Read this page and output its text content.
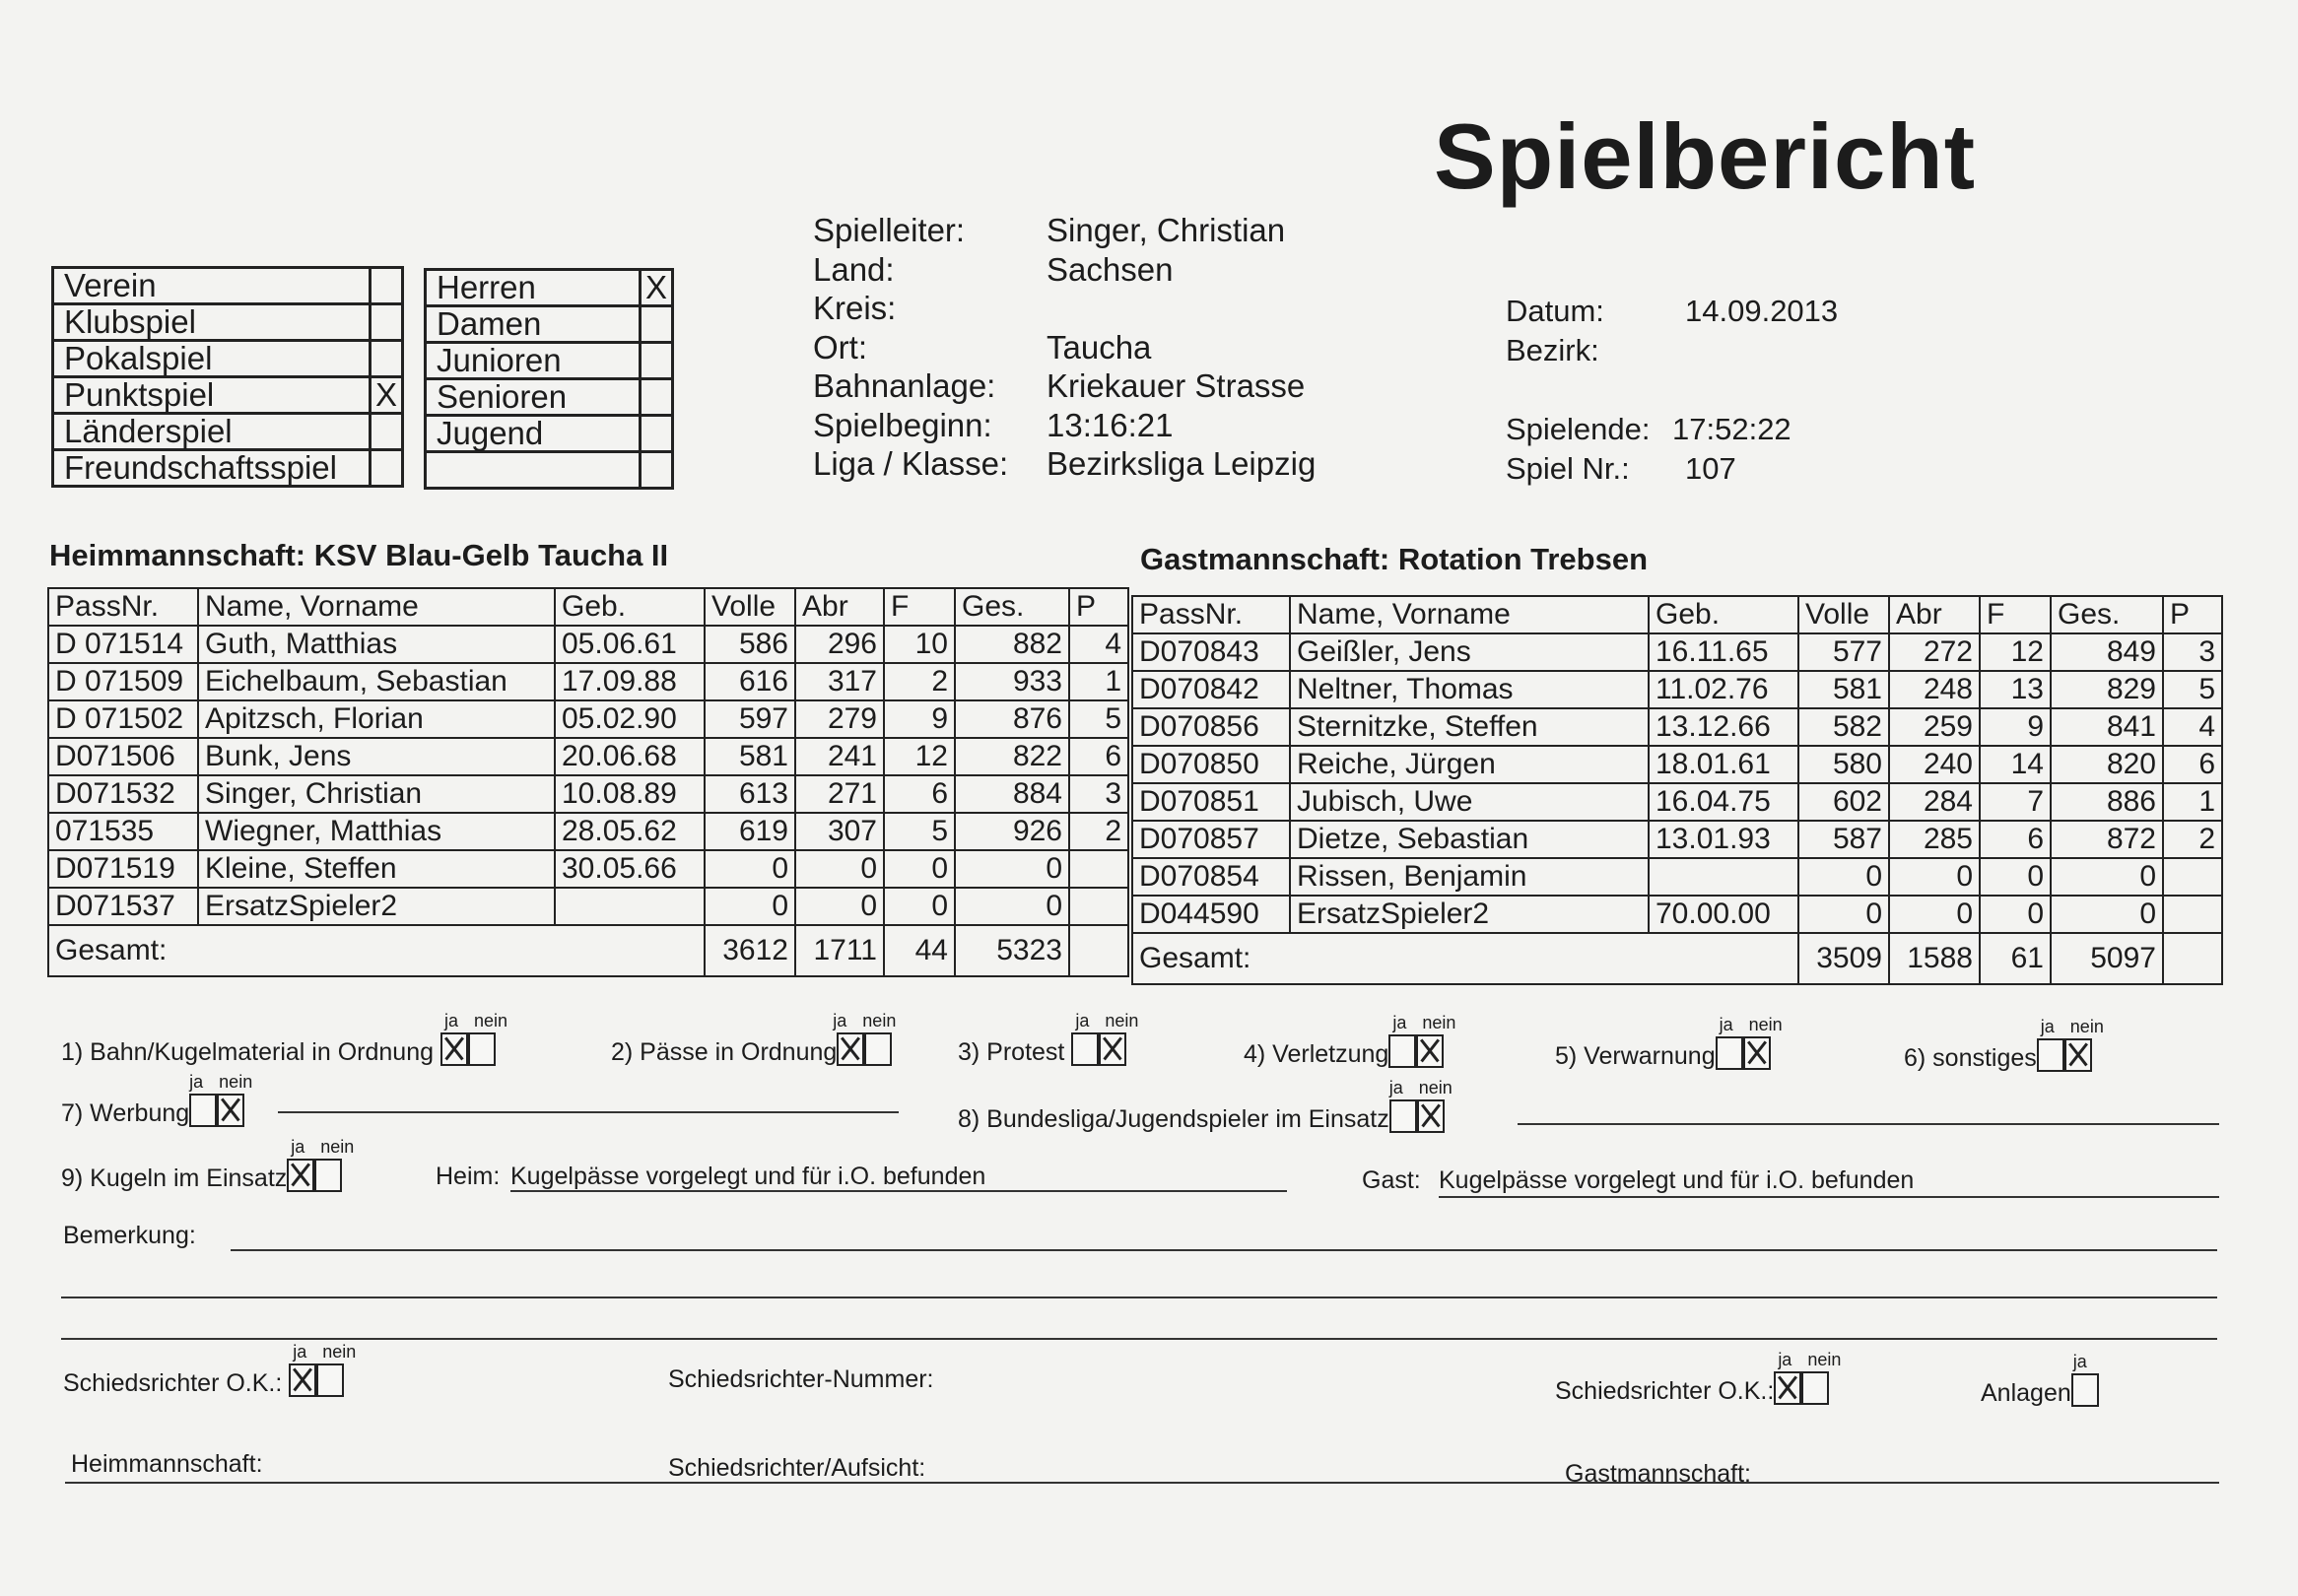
Spielbericht
Spielleiter:	Singer, Christian
Land:	Sachsen
Kreis:
Ort:	Taucha
Bahnanlage: Kriekauer Strasse
Spielbeginn: 13:16:21
Liga / Klasse: Bezirksliga Leipzig
Datum:	14.09.2013
Bezirk:
Spielende: 17:52:22
Spiel Nr.: 107
Verein	
Klubspiel	
Pokalspiel	
Punktspiel	X
Länderspiel	
Freundschaftsspiel	
Herren	X
Damen	
Junioren	
Senioren	
Jugend	

Heimmannschaft: KSV Blau-Gelb Taucha II	Gastmannschaft: Rotation Trebsen
PassNr.	Name, Vorname	Geb.	Volle	Abr	F	Ges.	P
D 071514	Guth, Matthias	05.06.61	586	296	10	882	4
D 071509	Eichelbaum, Sebastian	17.09.88	616	317	2	933	1
D 071502	Apitzsch, Florian	05.02.90	597	279	9	876	5
D071506	Bunk, Jens	20.06.68	581	241	12	822	6
D071532	Singer, Christian	10.08.89	613	271	6	884	3
071535	Wiegner, Matthias	28.05.62	619	307	5	926	2
D071519	Kleine, Steffen	30.05.66	0	0	0	0	
D071537	ErsatzSpieler2		0	0	0	0	
Gesamt:			3612	1711	44	5323	
PassNr.	Name, Vorname	Geb.	Volle	Abr	F	Ges.	P
D070843	Geißler, Jens	16.11.65	577	272	12	849	3
D070842	Neltner, Thomas	11.02.76	581	248	13	829	5
D070856	Sternitzke, Steffen	13.12.66	582	259	9	841	4
D070850	Reiche, Jürgen	18.01.61	580	240	14	820	6
D070851	Jubisch, Uwe	16.04.75	602	284	7	886	1
D070857	Dietze, Sebastian	13.01.93	587	285	6	872	2
D070854	Rissen, Benjamin		0	0	0	0	
D044590	ErsatzSpieler2	70.00.00	0	0	0	0	
Gesamt:			3509	1588	61	5097	
1) Bahn/Kugelmaterial in Ordnung
ja nein
2) Pässe in Ordnung
ja nein
3) Protest
ja nein
4) Verletzung
ja nein
5) Verwarnung
ja nein
6) sonstiges
ja nein
7) Werbung
ja nein
8) Bundesliga/Jugendspieler im Einsatz
ja nein
9) Kugeln im Einsatz
ja nein
Heim: Kugelpässe vorgelegt und für i.O. befunden	Gast: Kugelpässe vorgelegt und für i.O. befunden
Bemerkung:
Schiedsrichter O.K.:
ja nein
Schiedsrichter-Nummer:	Schiedsrichter O.K.:
ja nein
Anlagen
ja
Heimmannschaft:	Schiedsrichter/Aufsicht:	Gastmannschaft:
